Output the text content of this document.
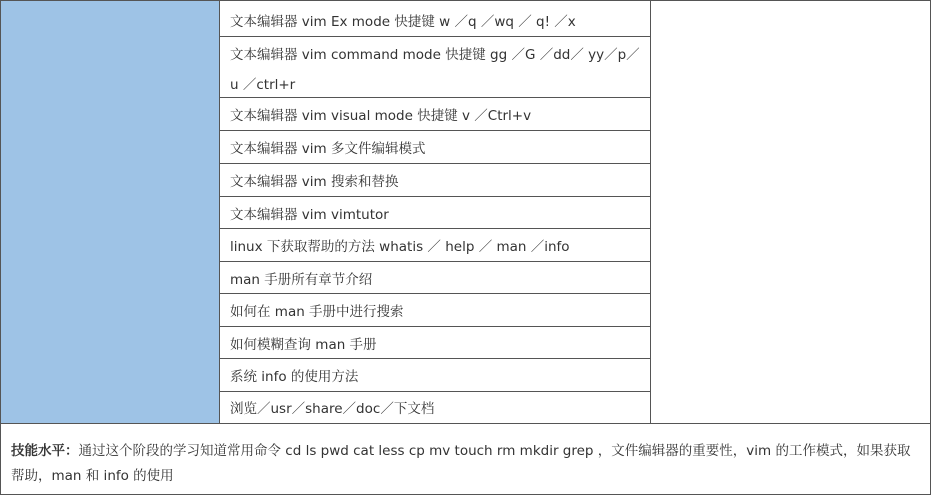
文本编辑器 vim Ex mode 快捷键 w ／q ／wq ／ q! ／x
文本编辑器 vim command mode 快捷键 gg ／G ／dd／ yy／p／ u ／ctrl+r
文本编辑器 vim visual mode 快捷键 v ／Ctrl+v
文本编辑器 vim 多文件编辑模式
文本编辑器 vim 搜索和替换
文本编辑器 vim vimtutor
linux 下获取帮助的方法 whatis ／ help ／ man ／info
man 手册所有章节介绍
如何在 man 手册中进行搜索
如何模糊查询 man 手册
系统 info 的使用方法
浏览／usr／share／doc／下文档
技能水平：通过这个阶段的学习知道常用命令 cd ls pwd cat less cp mv touch rm mkdir grep ，文件编辑器的重要性，vim 的工作模式，如果获取帮助，man 和 info 的使用
